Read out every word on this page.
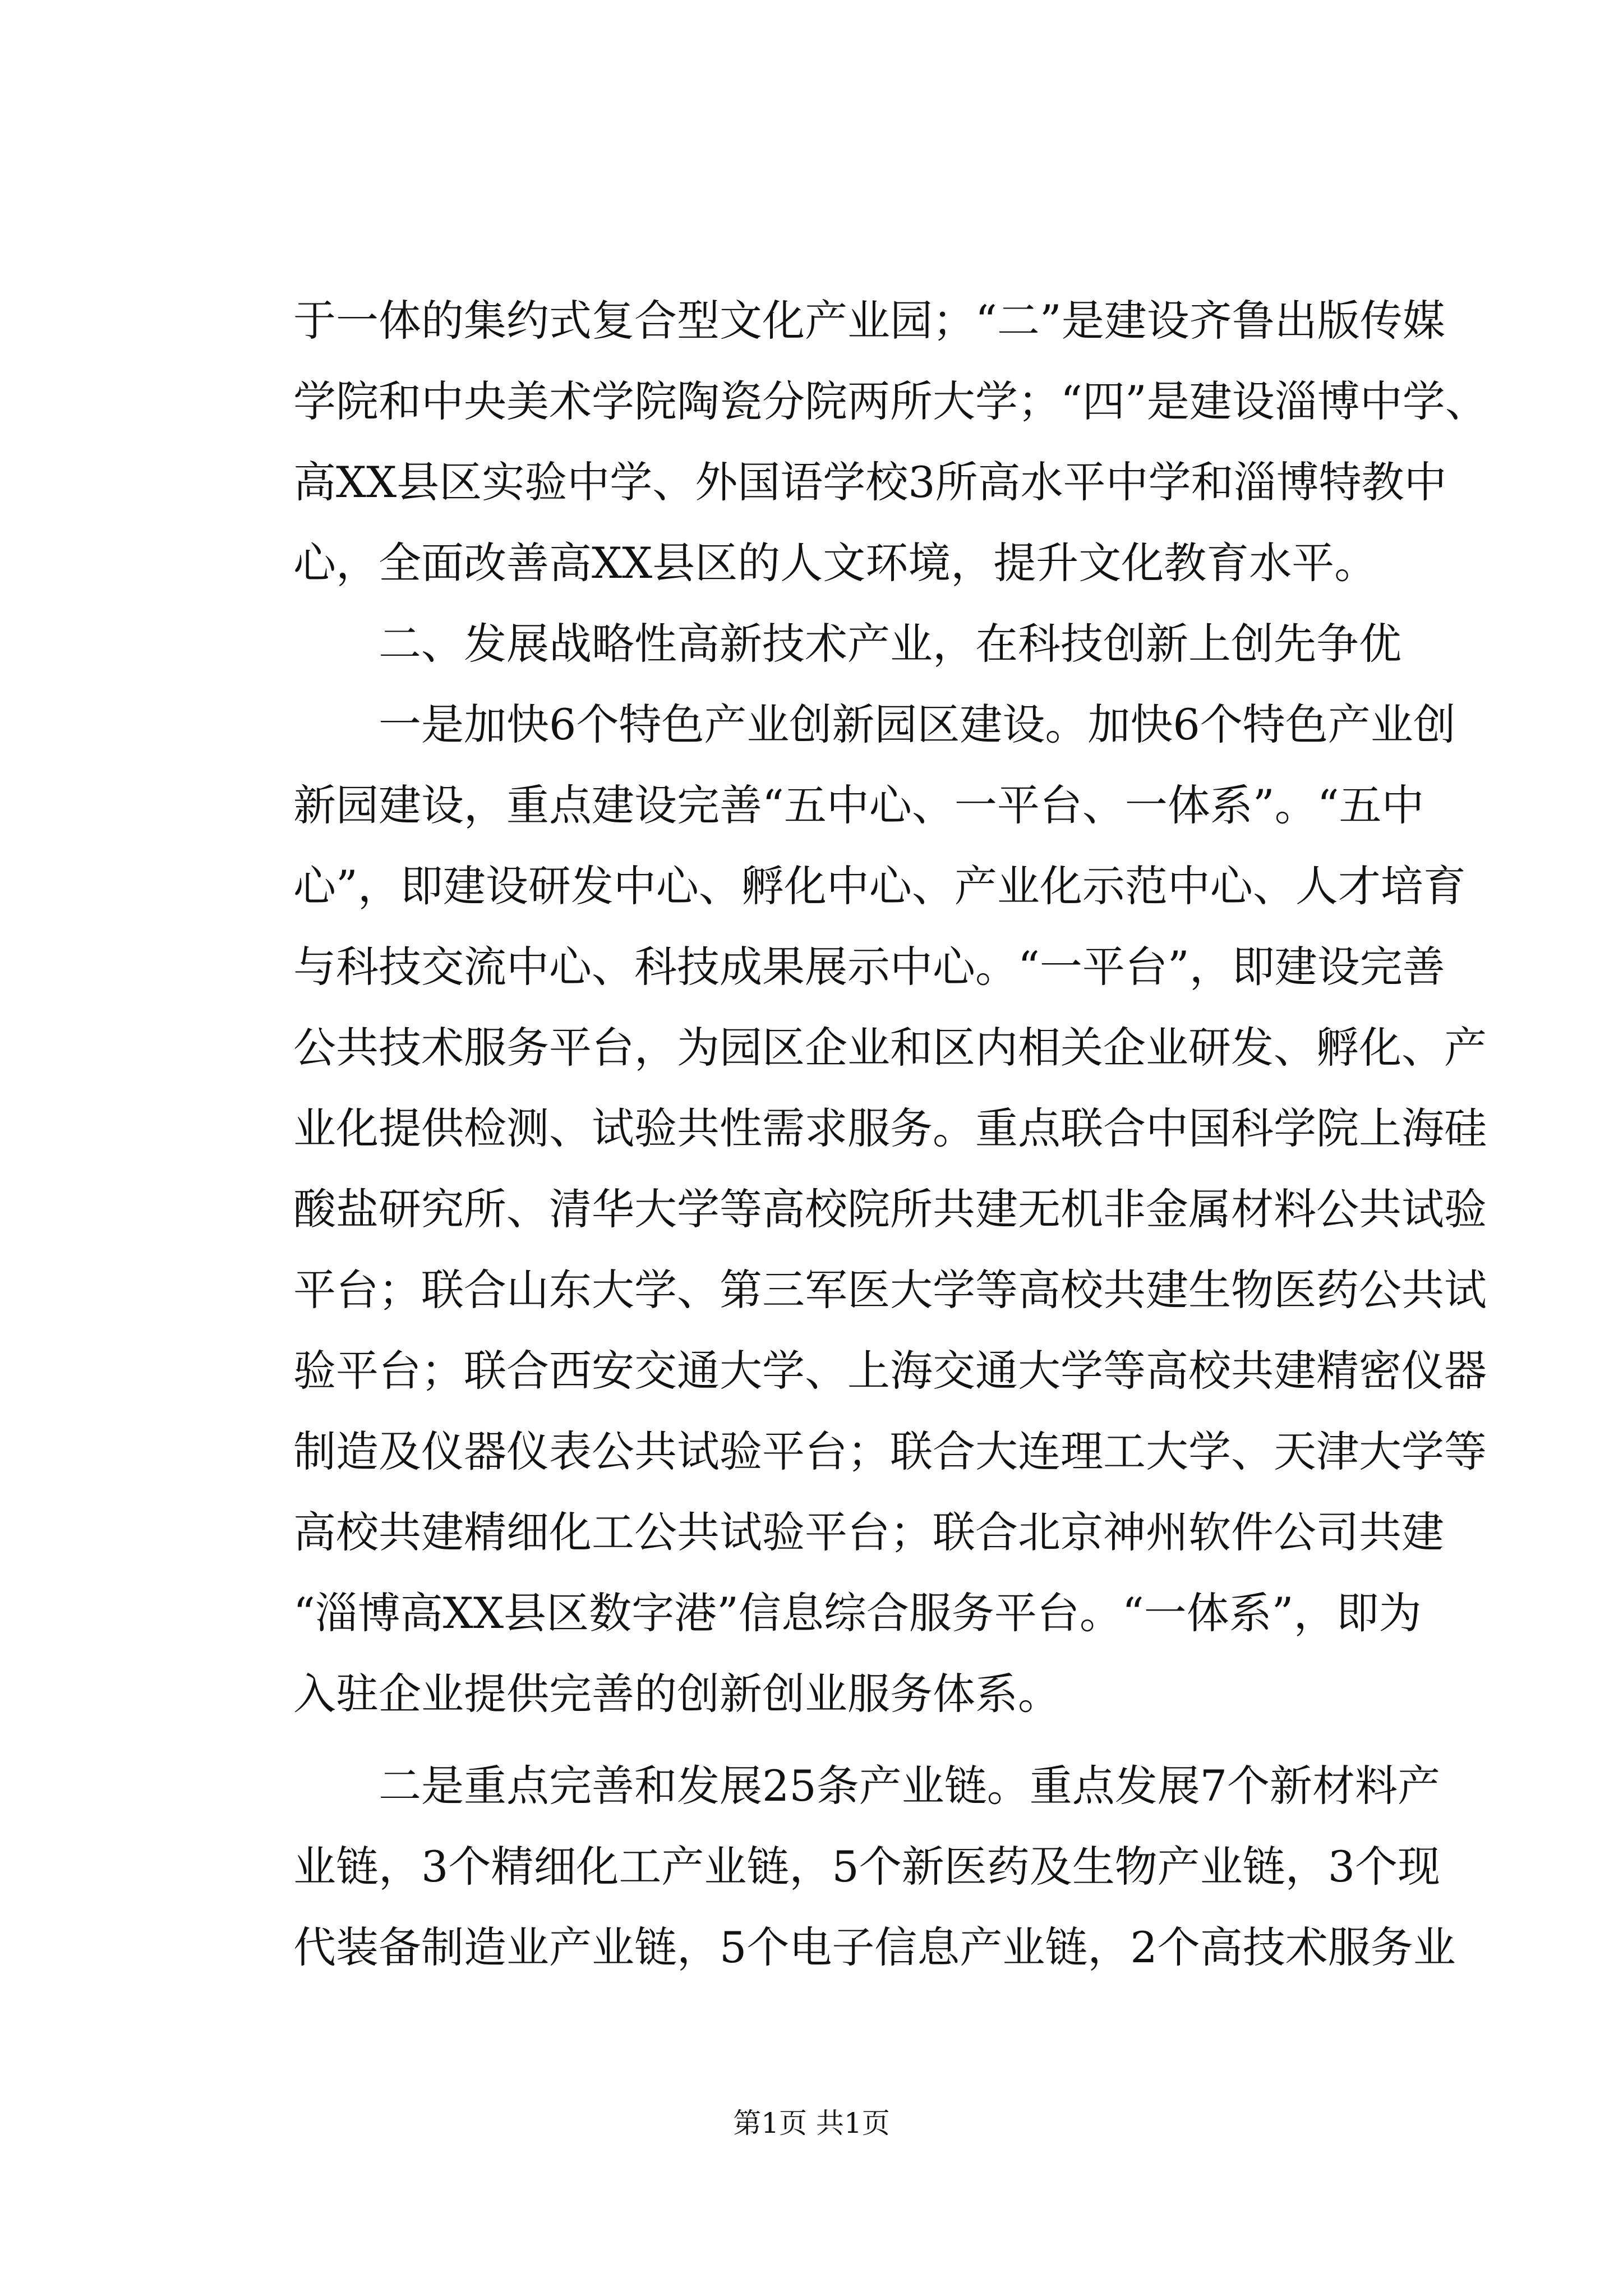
于一体的集约式复合型文化产业园；“二”是建设齐鲁出版传媒
学院和中央美术学院陶瓷分院两所大学；“四”是建设淄博中学、
高XX县区实验中学、外国语学校3所高水平中学和淄博特教中
心，全面改善高XX县区的人文环境，提升文化教育水平。
二、发展战略性高新技术产业，在科技创新上创先争优
一是加快6个特色产业创新园区建设。加快6个特色产业创
新园建设，重点建设完善“五中心、一平台、一体系”。“五中
心”，即建设研发中心、孵化中心、产业化示范中心、人才培育
与科技交流中心、科技成果展示中心。“一平台”，即建设完善
公共技术服务平台，为园区企业和区内相关企业研发、孵化、产
业化提供检测、试验共性需求服务。重点联合中国科学院上海硅
酸盐研究所、清华大学等高校院所共建无机非金属材料公共试验
平台；联合山东大学、第三军医大学等高校共建生物医药公共试
验平台；联合西安交通大学、上海交通大学等高校共建精密仪器
制造及仪器仪表公共试验平台；联合大连理工大学、天津大学等
高校共建精细化工公共试验平台；联合北京神州软件公司共建
“淄博高XX县区数字港”信息综合服务平台。“一体系”，即为
入驻企业提供完善的创新创业服务体系。
二是重点完善和发展25条产业链。重点发展7个新材料产
业链，3个精细化工产业链，5个新医药及生物产业链，3个现
代装备制造业产业链，5个电子信息产业链，2个高技术服务业
第1页 共1页
